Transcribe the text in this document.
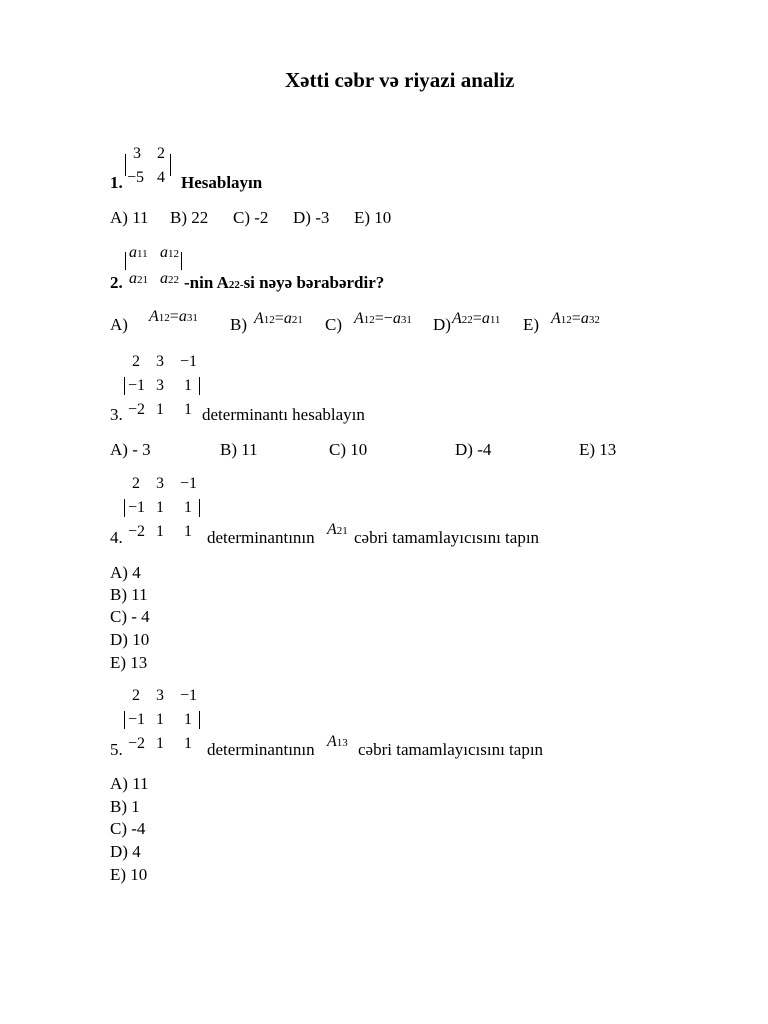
Xətti cəbr və riyazi analiz
3 2
−5 4
1.	Hesablayın
A) 11 B) 22 C) -2 D) -3 E) 10
a11 a12
a21 a22
2.	-nin A22-si nəyə bərabərdir?
A) A12=a31 B) A12=a21 C) A12=−a31 D) A22=a11 E) A12=a32
2 3 −1
−1 3 1
−2 1 1
3.	determinantı hesablayın
A) - 3	B) 11	C) 10	D) -4	E) 13
2 3 −1
−1 1 1
−2 1 1
4.	determinantının A21 cəbri tamamlayıcısını tapın
A) 4
B) 11
C) - 4
D) 10
E) 13
2 3 −1
−1 1 1
−2 1 1
5.	determinantının A13 cəbri tamamlayıcısını tapın
A) 11
B) 1
C) -4
D) 4
E) 10
